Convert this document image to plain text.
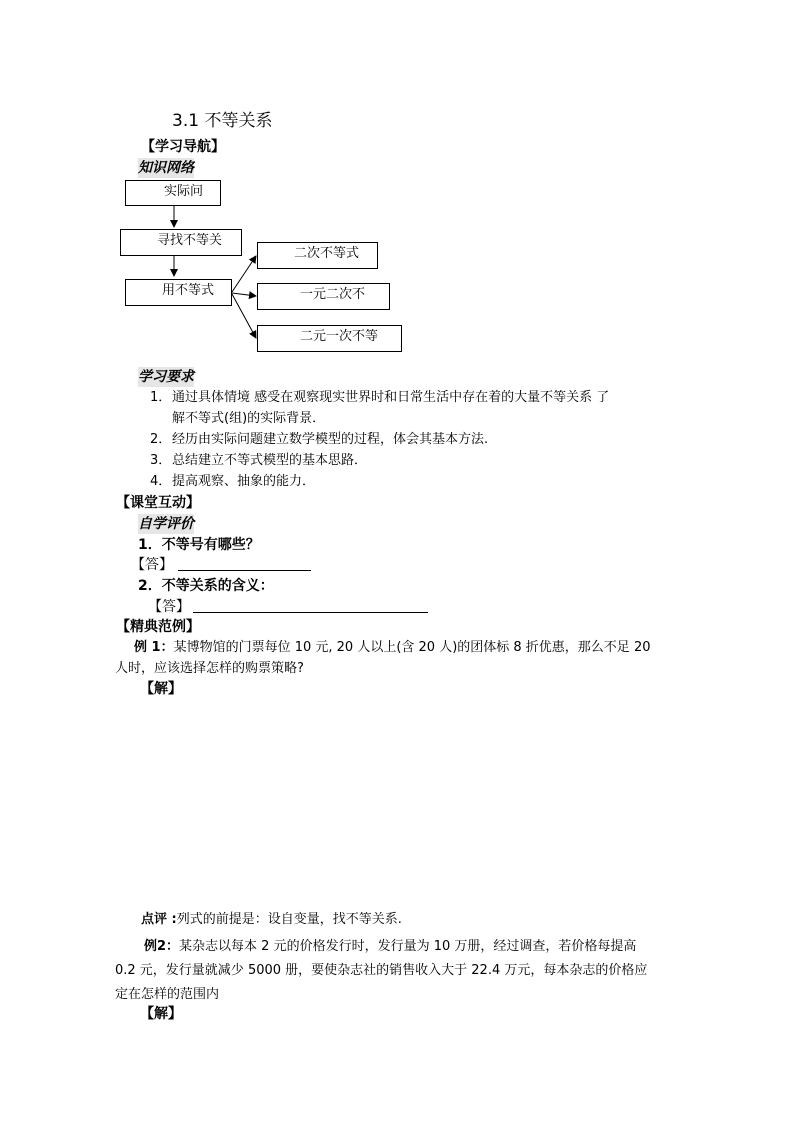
3.1 不等关系
【学习导航】
知识网络
实际问
寻找不等关
用不等式
二次不等式
一元二次不
二元一次不等
学习要求
1． 通过具体情境 感受在观察现实世界时和日常生活中存在着的大量不等关系 了
解不等式(组)的实际背景．
2． 经历由实际问题建立数学模型的过程，体会其基本方法.
3． 总结建立不等式模型的基本思路．
4． 提高观察、抽象的能力．
【课堂互动】
自学评价
1．不等号有哪些？
【答】
2．不等关系的含义：
【答】
【精典范例】
例 1：某博物馆的门票每位 10 元, 20 人以上(含 20 人)的团体标 8 折优惠，那么不足 20
人时，应该选择怎样的购票策略?
【解】
点评 :列式的前提是：设自变量，找不等关系.
例2：某杂志以每本 2 元的价格发行时，发行量为 10 万册，经过调查，若价格每提高
0.2 元，发行量就减少 5000 册，要使杂志社的销售收入大于 22.4 万元，每本杂志的价格应
定在怎样的范围内
【解】
